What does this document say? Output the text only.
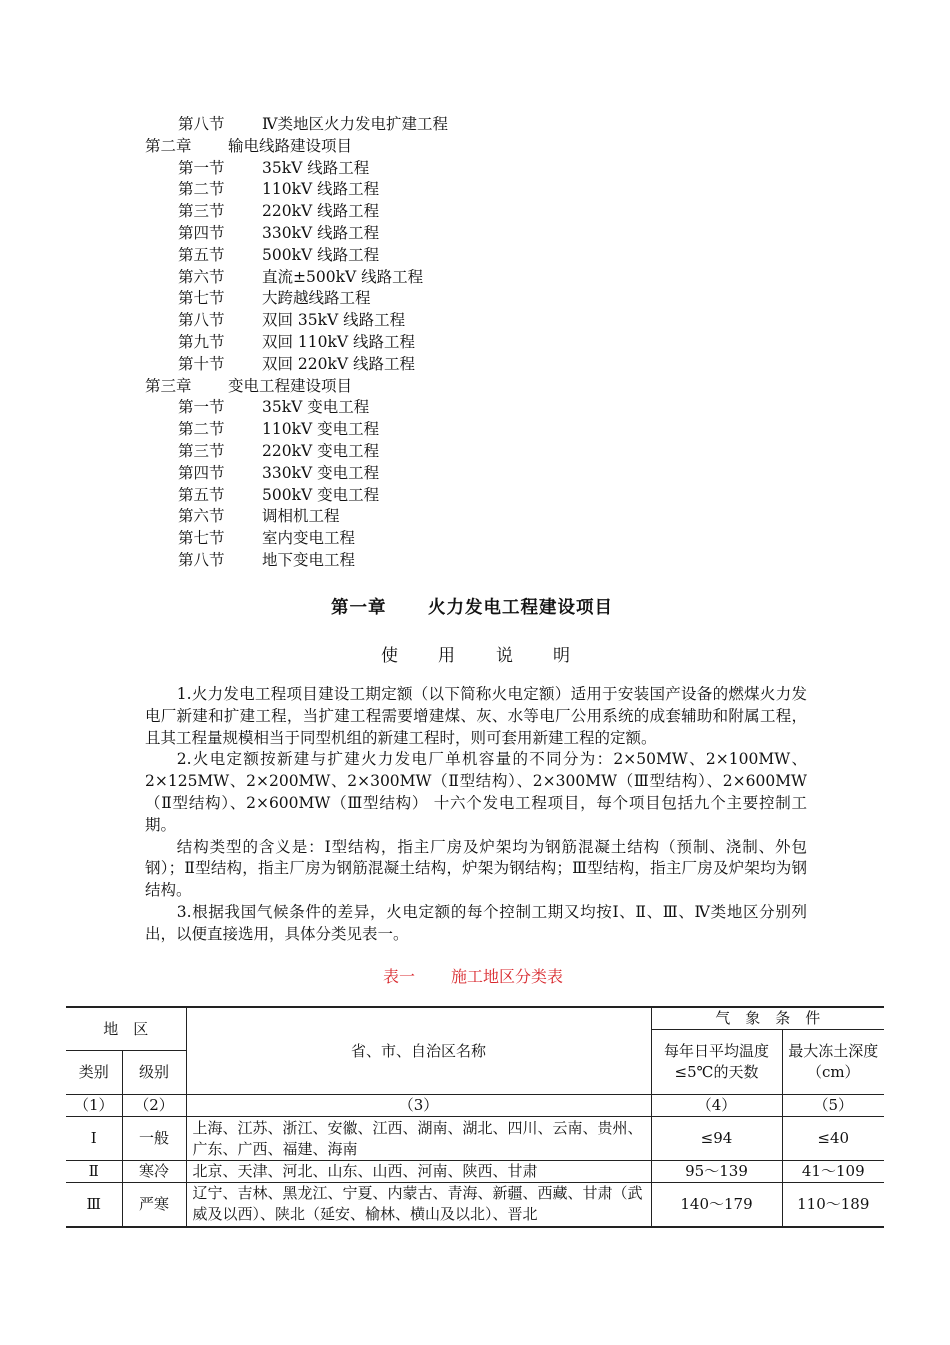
第八节 Ⅳ类地区火力发电扩建工程
第二章 输电线路建设项目
第一节 35kV 线路工程
第二节 110kV 线路工程
第三节 220kV 线路工程
第四节 330kV 线路工程
第五节 500kV 线路工程
第六节 直流±500kV 线路工程
第七节 大跨越线路工程
第八节 双回 35kV 线路工程
第九节 双回 110kV 线路工程
第十节 双回 220kV 线路工程
第三章 变电工程建设项目
第一节 35kV 变电工程
第二节 110kV 变电工程
第三节 220kV 变电工程
第四节 330kV 变电工程
第五节 500kV 变电工程
第六节 调相机工程
第七节 室内变电工程
第八节 地下变电工程
第一章 火力发电工程建设项目
使 用 说 明

1.火力发电工程项目建设工期定额（以下简称火电定额）适用于安装国产设备的燃煤火力发电厂新建和扩建工程，当扩建工程需要增建煤、灰、水等电厂公用系统的成套辅助和附属工程，且其工程量规模相当于同型机组的新建工程时，则可套用新建工程的定额。

2.火电定额按新建与扩建火力发电厂单机容量的不同分为：2×50MW、2×100MW、2×125MW、2×200MW、2×300MW（Ⅱ型结构）、2×300MW（Ⅲ型结构）、2×600MW（Ⅱ型结构）、2×600MW（Ⅲ型结构） 十六个发电工程项目，每个项目包括九个主要控制工期。

结构类型的含义是：Ⅰ型结构，指主厂房及炉架均为钢筋混凝土结构（预制、浇制、外包钢）；Ⅱ型结构，指主厂房为钢筋混凝土结构，炉架为钢结构；Ⅲ型结构，指主厂房及炉架均为钢结构。

3.根据我国气候条件的差异，火电定额的每个控制工期又均按Ⅰ、Ⅱ、Ⅲ、Ⅳ类地区分别列出，以便直接选用，具体分类见表一。

表一 施工地区分类表
地　区		省、市、自治区名称	气　象　条　件	
			每年日平均温度≤5℃的天数	最大冻土深度（cm）
类别	级别			
（1）	（2）	（3）	（4）	（5）
Ⅰ	一般	上海、江苏、浙江、安徽、江西、湖南、湖北、四川、云南、贵州、广东、广西、福建、海南	≤94	≤40
Ⅱ	寒冷	北京、天津、河北、山东、山西、河南、陕西、甘肃	95～139	41～109
Ⅲ	严寒	辽宁、吉林、黑龙江、宁夏、内蒙古、青海、新疆、西藏、甘肃（武威及以西）、陕北（延安、榆林、横山及以北）、晋北	140～179	110～189
